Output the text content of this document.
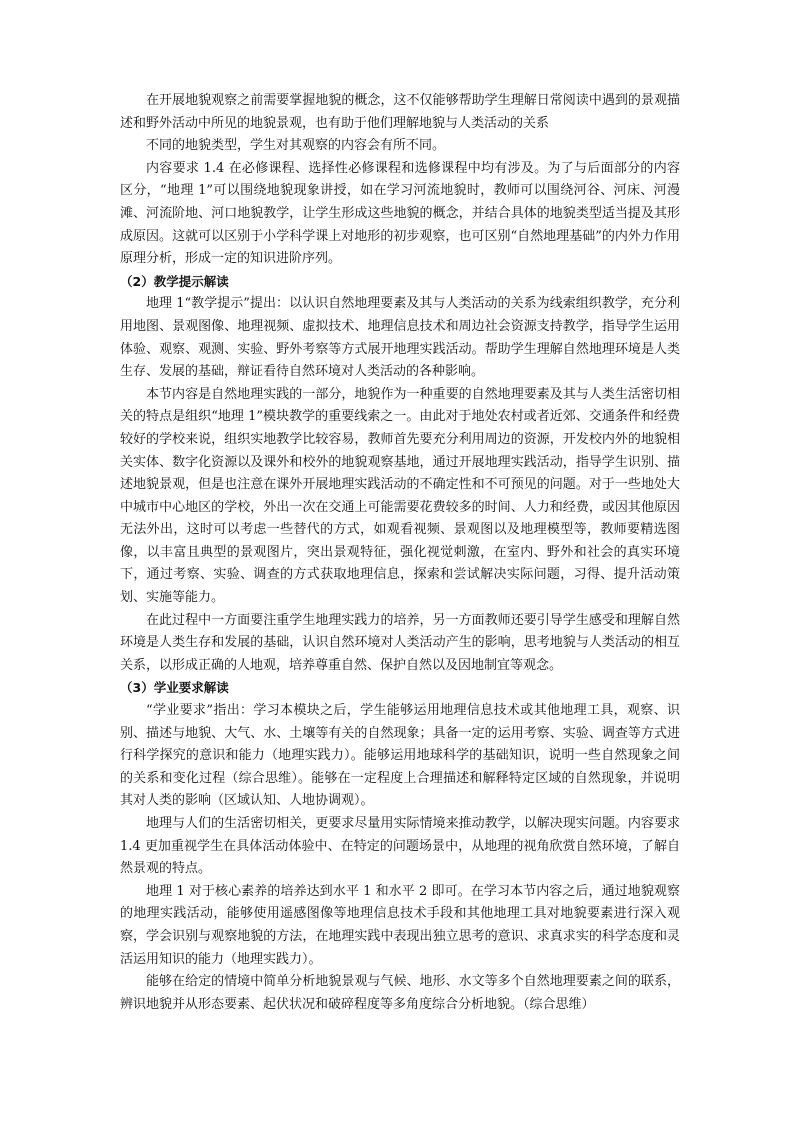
在开展地貌观察之前需要掌握地貌的概念，这不仅能够帮助学生理解日常阅读中遇到的景观描述和野外活动中所见的地貌景观，也有助于他们理解地貌与人类活动的关系

不同的地貌类型，学生对其观察的内容会有所不同。

内容要求 1.4 在必修课程、选择性必修课程和选修课程中均有涉及。为了与后面部分的内容区分，“地理 1”可以围绕地貌现象讲授，如在学习河流地貌时，教师可以围绕河谷、河床、河漫滩、河流阶地、河口地貌教学，让学生形成这些地貌的概念，并结合具体的地貌类型适当提及其形成原因。这就可以区别于小学科学课上对地形的初步观察，也可区别“自然地理基础”的内外力作用原理分析，形成一定的知识进阶序列。

（2）教学提示解读

地理 1“教学提示”提出：以认识自然地理要素及其与人类活动的关系为线索组织教学，充分利用地图、景观图像、地理视频、虚拟技术、地理信息技术和周边社会资源支持教学，指导学生运用体验、观察、观测、实验、野外考察等方式展开地理实践活动。帮助学生理解自然地理环境是人类生存、发展的基础，辩证看待自然环境对人类活动的各种影响。

本节内容是自然地理实践的一部分，地貌作为一种重要的自然地理要素及其与人类生活密切相关的特点是组织“地理 1”模块教学的重要线索之一。由此对于地处农村或者近郊、交通条件和经费较好的学校来说，组织实地教学比较容易，教师首先要充分利用周边的资源，开发校内外的地貌相关实体、数字化资源以及课外和校外的地貌观察基地，通过开展地理实践活动，指导学生识别、描述地貌景观，但是也注意在课外开展地理实践活动的不确定性和不可预见的问题。对于一些地处大中城市中心地区的学校，外出一次在交通上可能需要花费较多的时间、人力和经费，或因其他原因无法外出，这时可以考虑一些替代的方式，如观看视频、景观图以及地理模型等，教师要精选图像，以丰富且典型的景观图片，突出景观特征，强化视觉刺激，在室内、野外和社会的真实环境下，通过考察、实验、调查的方式获取地理信息，探索和尝试解决实际问题，习得、提升活动策划、实施等能力。

在此过程中一方面要注重学生地理实践力的培养，另一方面教师还要引导学生感受和理解自然环境是人类生存和发展的基础，认识自然环境对人类活动产生的影响，思考地貌与人类活动的相互关系，以形成正确的人地观，培养尊重自然、保护自然以及因地制宜等观念。

（3）学业要求解读

“学业要求”指出：学习本模块之后，学生能够运用地理信息技术或其他地理工具，观察、识别、描述与地貌、大气、水、土壤等有关的自然现象；具备一定的运用考察、实验、调查等方式进行科学探究的意识和能力（地理实践力）。能够运用地球科学的基础知识，说明一些自然现象之间的关系和变化过程（综合思维）。能够在一定程度上合理描述和解释特定区域的自然现象，并说明其对人类的影响（区域认知、人地协调观）。

地理与人们的生活密切相关，更要求尽量用实际情境来推动教学，以解决现实问题。内容要求 1.4 更加重视学生在具体活动体验中、在特定的问题场景中，从地理的视角欣赏自然环境，了解自然景观的特点。

地理 1 对于核心素养的培养达到水平 1 和水平 2 即可。在学习本节内容之后，通过地貌观察的地理实践活动，能够使用遥感图像等地理信息技术手段和其他地理工具对地貌要素进行深入观察，学会识别与观察地貌的方法，在地理实践中表现出独立思考的意识、求真求实的科学态度和灵活运用知识的能力（地理实践力）。

能够在给定的情境中简单分析地貌景观与气候、地形、水文等多个自然地理要素之间的联系，辨识地貌并从形态要素、起伏状况和破碎程度等多角度综合分析地貌。（综合思维）
